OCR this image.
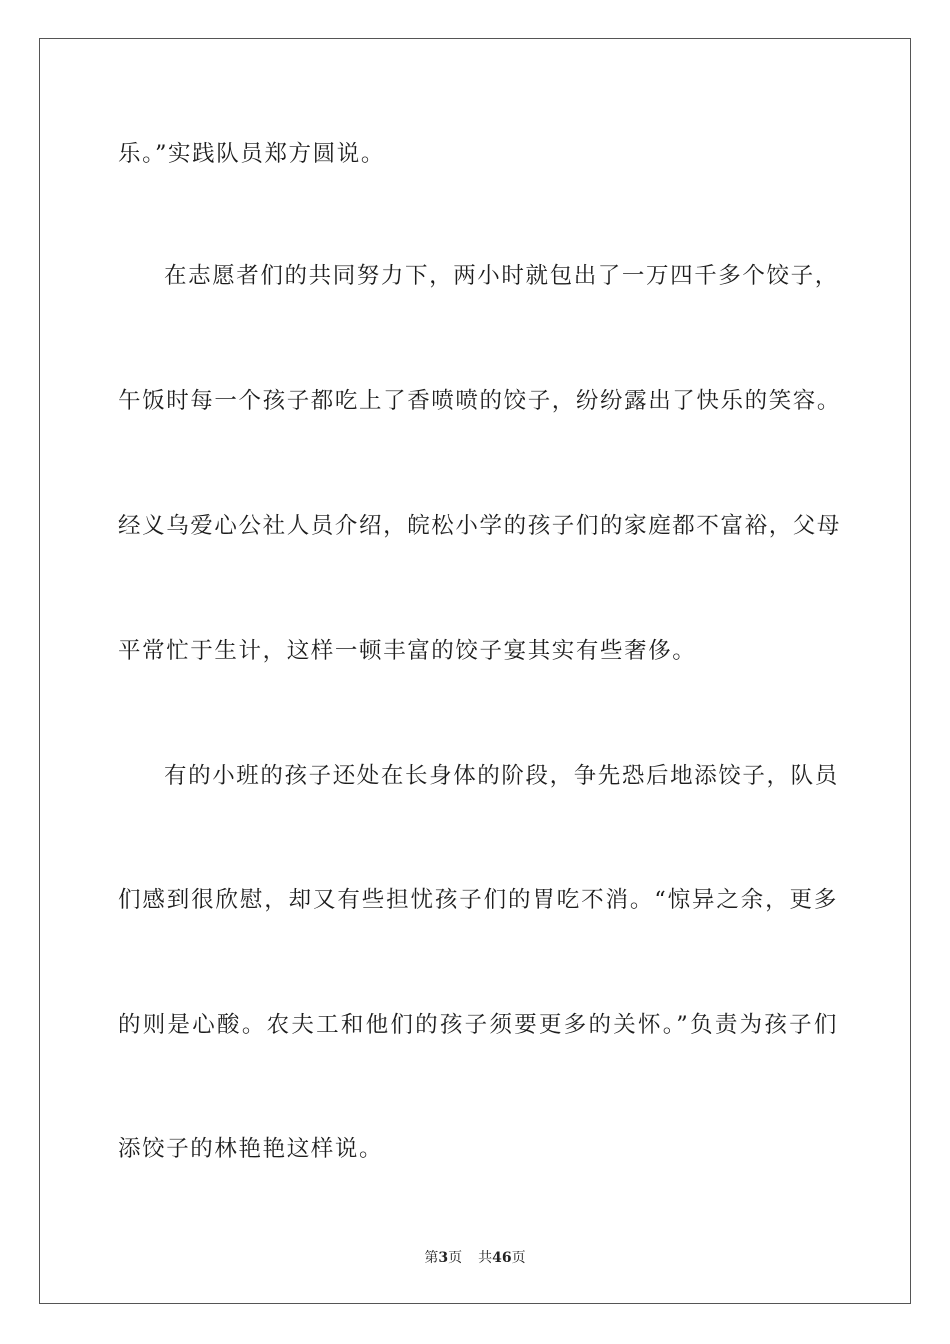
乐。”实践队员郑方圆说。
在志愿者们的共同努力下，两小时就包出了一万四千多个饺子，
午饭时每一个孩子都吃上了香喷喷的饺子，纷纷露出了快乐的笑容。
经义乌爱心公社人员介绍，皖松小学的孩子们的家庭都不富裕，父母
平常忙于生计，这样一顿丰富的饺子宴其实有些奢侈。
有的小班的孩子还处在长身体的阶段，争先恐后地添饺子，队员
们感到很欣慰，却又有些担忧孩子们的胃吃不消。“惊异之余，更多
的则是心酸。农夫工和他们的孩子须要更多的关怀。”负责为孩子们
添饺子的林艳艳这样说。
第3页 共46页
